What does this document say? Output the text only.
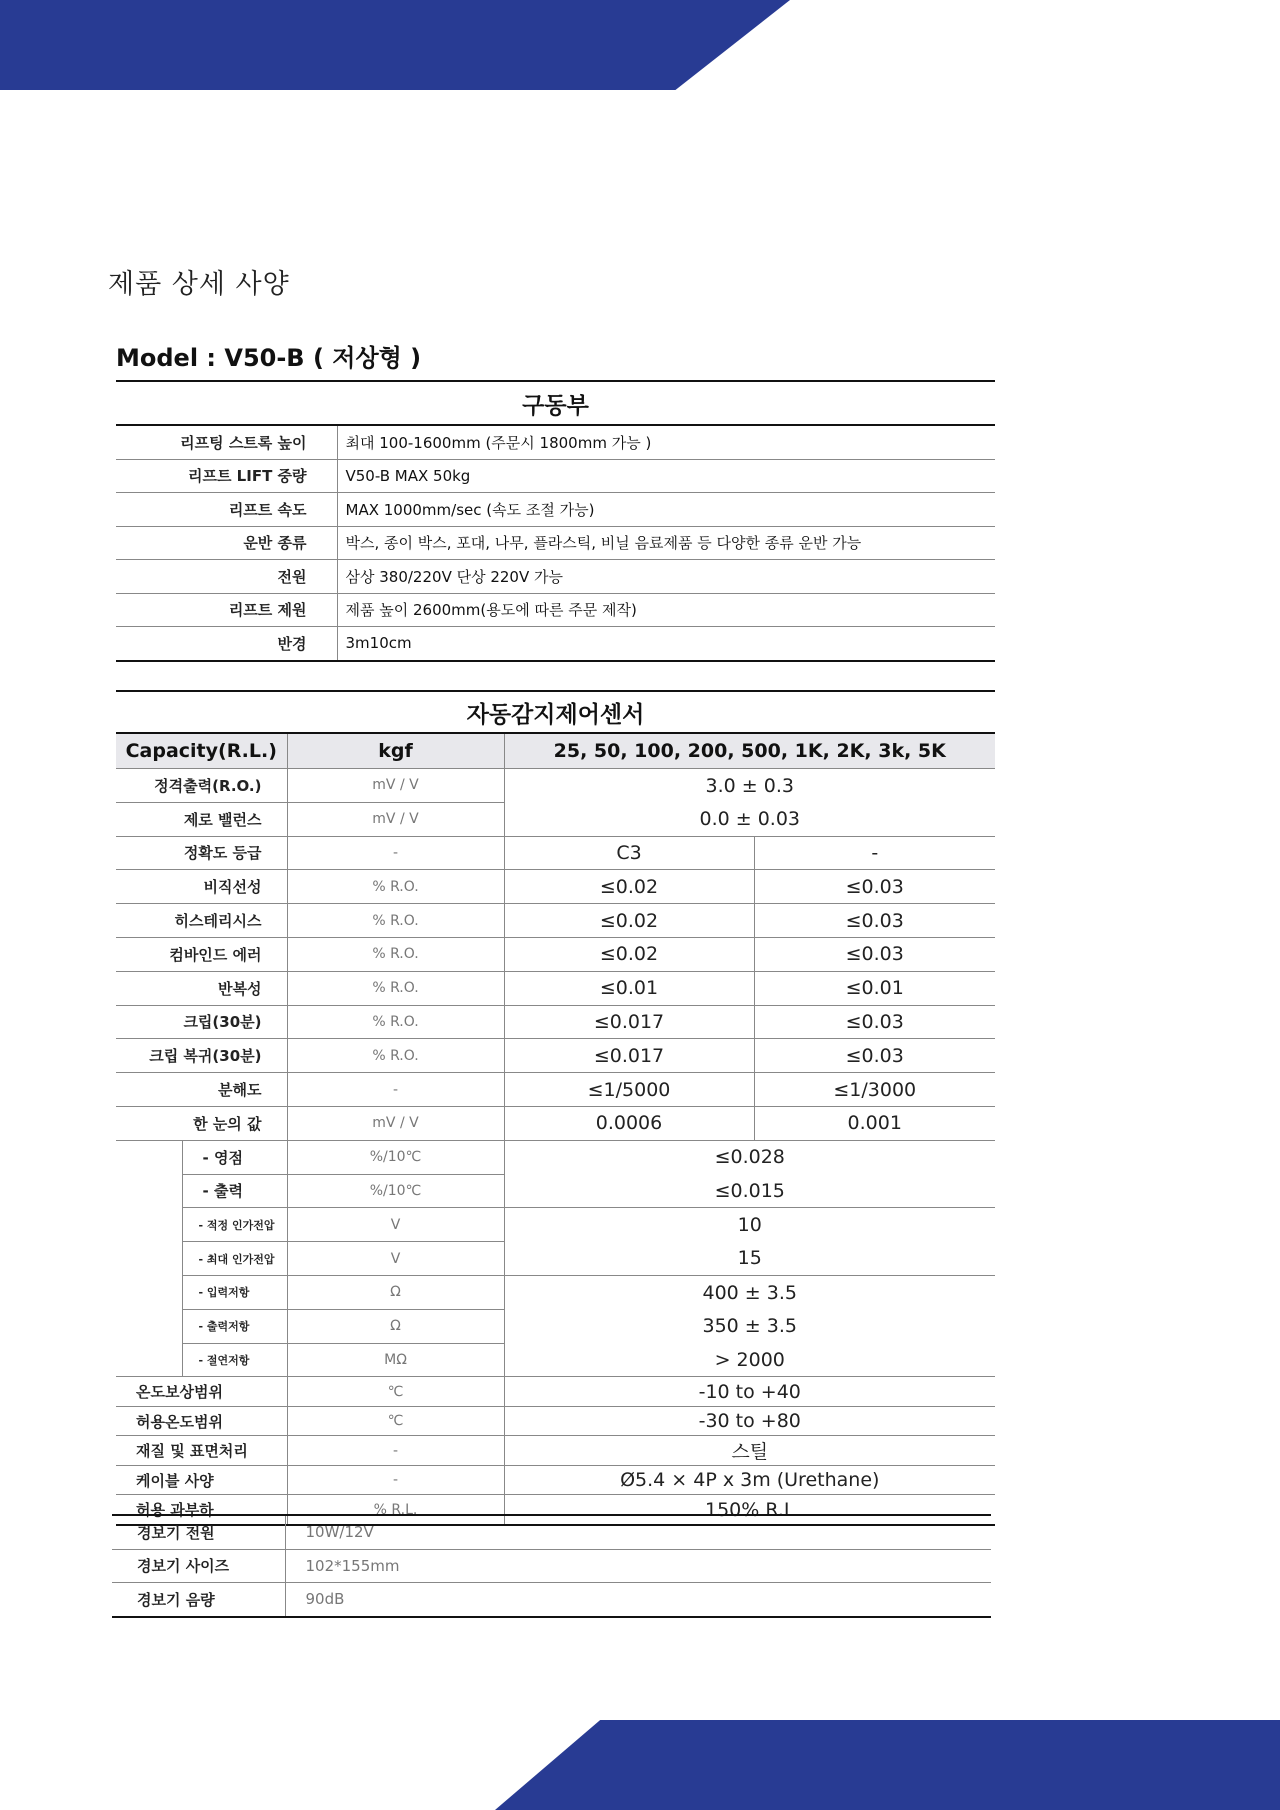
제품 상세 사양
Model : V50-B ( 저상형 )
구동부	
리프팅 스트록 높이	최대 100-1600mm (주문시 1800mm 가능 )
리프트 LIFT 중량	V50-B MAX 50kg
리프트 속도	MAX 1000mm/sec (속도 조절 가능)
운반 종류	박스, 종이 박스, 포대, 나무, 플라스틱, 비닐 음료제품 등 다양한 종류 운반 가능
전원	삼상 380/220V 단상 220V 가능
리프트 제원	제품 높이 2600mm(용도에 따른 주문 제작)
반경	3m10cm
자동감지제어센서				
Capacity(R.L.)		kgf	25, 50, 100, 200, 500, 1K, 2K, 3k, 5K	
정격출력(R.O.)		mV / V	3.0 ± 0.3	
제로 밸런스		mV / V	0.0 ± 0.03	
정확도 등급		-	C3	-
비직선성		% R.O.	≤0.02	≤0.03
히스테리시스		% R.O.	≤0.02	≤0.03
컴바인드 에러		% R.O.	≤0.02	≤0.03
반복성		% R.O.	≤0.01	≤0.01
크립(30분)		% R.O.	≤0.017	≤0.03
크립 복귀(30분)		% R.O.	≤0.017	≤0.03
분해도		-	≤1/5000	≤1/3000
한 눈의 값		mV / V	0.0006	0.001
	- 영점	%/10℃	≤0.028	
	- 출력	%/10℃	≤0.015	
	- 적정 인가전압	V	10	
	- 최대 인가전압	V	15	
	- 입력저항	Ω	400 ± 3.5	
	- 출력저항	Ω	350 ± 3.5	
	- 절연저항	MΩ	> 2000	
온도보상범위		℃	-10 to +40	
허용온도범위		℃	-30 to +80	
재질 및 표면처리		-	스틸	
케이블 사양		-	Ø5.4 × 4P x 3m (Urethane)	
허용 과부하		% R.L.	150% R.L	
경보기 전원	10W/12V
경보기 사이즈	102*155mm
경보기 음량	90dB
